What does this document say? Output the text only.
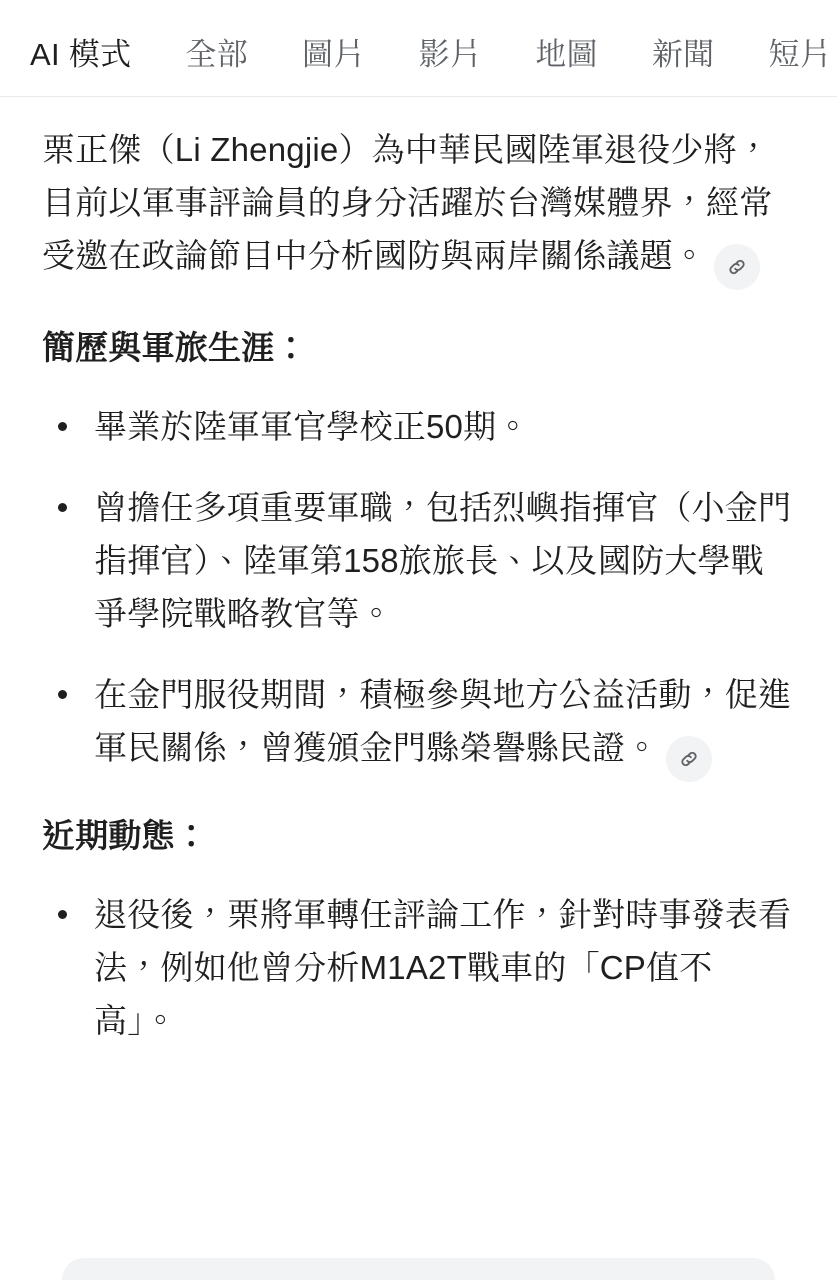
AI 模式	全部	圖片	影片	地圖	新聞	短片

栗正傑（Li Zhengjie）為中華民國陸軍退役少將，目前以軍事評論員的身分活躍於台灣媒體界，經常受邀在政論節目中分析國防與兩岸關係議題。

簡歷與軍旅生涯：
畢業於陸軍軍官學校正50期。
曾擔任多項重要軍職，包括烈嶼指揮官（小金門指揮官）、陸軍第158旅旅長、以及國防大學戰爭學院戰略教官等。
在金門服役期間，積極參與地方公益活動，促進軍民關係，曾獲頒金門縣榮譽縣民證。
近期動態：
退役後，栗將軍轉任評論工作，針對時事發表看法，例如他曾分析M1A2T戰車的「CP值不高」。
